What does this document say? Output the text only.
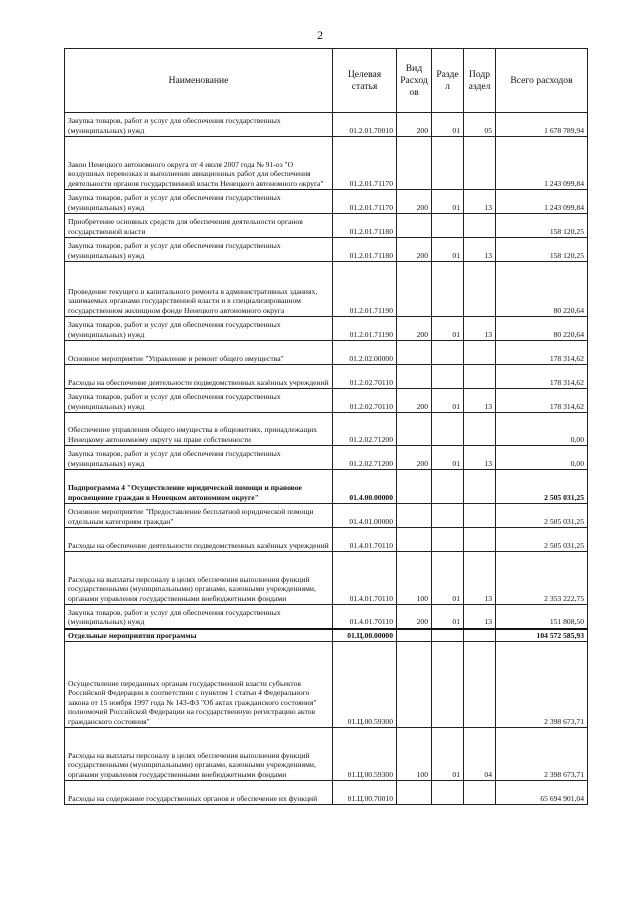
2
Наименование	Целевая статья	Вид Расход ов	Разде л	Подр аздел	Всего расходов
Закупка товаров, работ и услуг для обеспечения государственных (муниципальных) нужд	01.2.01.70010	200	01	05	1 678 789,94
Закон Ненецкого автономного округа от 4 июля 2007 года № 91-оз "О воздушных перевозках и выполнении авиационных работ для обеспечения деятельности органов государственной власти Ненецкого автономного округа"	01.2.01.71170				1 243 099,84
Закупка товаров, работ и услуг для обеспечения государственных (муниципальных) нужд	01.2.01.71170	200	01	13	1 243 099,84
Приобретение основных средств для обеспечения деятельности органов государственной власти	01.2.01.71180				158 120,25
Закупка товаров, работ и услуг для обеспечения государственных (муниципальных) нужд	01.2.01.71180	200	01	13	158 120,25
Проведение текущего и капитального ремонта в административных зданиях, занимаемых органами государственной власти и в специализированном государственном жилищном фонде Ненецкого автономного округа	01.2.01.71190				80 220,64
Закупка товаров, работ и услуг для обеспечения государственных (муниципальных) нужд	01.2.01.71190	200	01	13	80 220,64
Основное мероприятие "Управление и ремонт общего имущества"	01.2.02.00000				178 314,62
Расходы на обеспечение деятельности подведомственных казённых учреждений	01.2.02.70110				178 314,62
Закупка товаров, работ и услуг для обеспечения государственных (муниципальных) нужд	01.2.02.70110	200	01	13	178 314,62
Обеспечение управления общего имущества в общежитиях, принадлежащих Ненецкому автономному округу на праве собственности	01.2.02.71200				0,00
Закупка товаров, работ и услуг для обеспечения государственных (муниципальных) нужд	01.2.02.71200	200	01	13	0,00
Подпрограмма 4 "Осуществление юридической помощи и правовое просвещение граждан в Ненецком автономном округе"	01.4.00.00000				2 505 031,25
Основное мероприятие "Предоставление бесплатной юридической помощи отдельным категориям граждан"	01.4.01.00000				2 505 031,25
Расходы на обеспечение деятельности подведомственных казённых учреждений	01.4.01.70110				2 505 031,25
Расходы на выплаты персоналу в целях обеспечения выполнения функций государственными (муниципальными) органами, казенными учреждениями, органами управления государственными внебюджетными фондами	01.4.01.70110	100	01	13	2 353 222,75
Закупка товаров, работ и услуг для обеспечения государственных (муниципальных) нужд	01.4.01.70110	200	01	13	151 808,50
Отдельные мероприятия программы	01.Ц.00.00000				104 572 585,93
Осуществление переданных органам государственной власти субъектов Российской Федерации в соответствии с пунктом 1 статьи 4 Федерального закона от 15 ноября 1997 года № 143-ФЗ "Об актах гражданского состояния" полномочий Российской Федерации на государственную регистрацию актов гражданского состояния"	01.Ц.00.59300				2 398 673,71
Расходы на выплаты персоналу в целях обеспечения выполнения функций государственными (муниципальными) органами, казенными учреждениями, органами управления государственными внебюджетными фондами	01.Ц.00.59300	100	01	04	2 398 673,71
Расходы на содержание государственных органов и обеспечение их функций	01.Ц.00.70010				65 694 901,04
